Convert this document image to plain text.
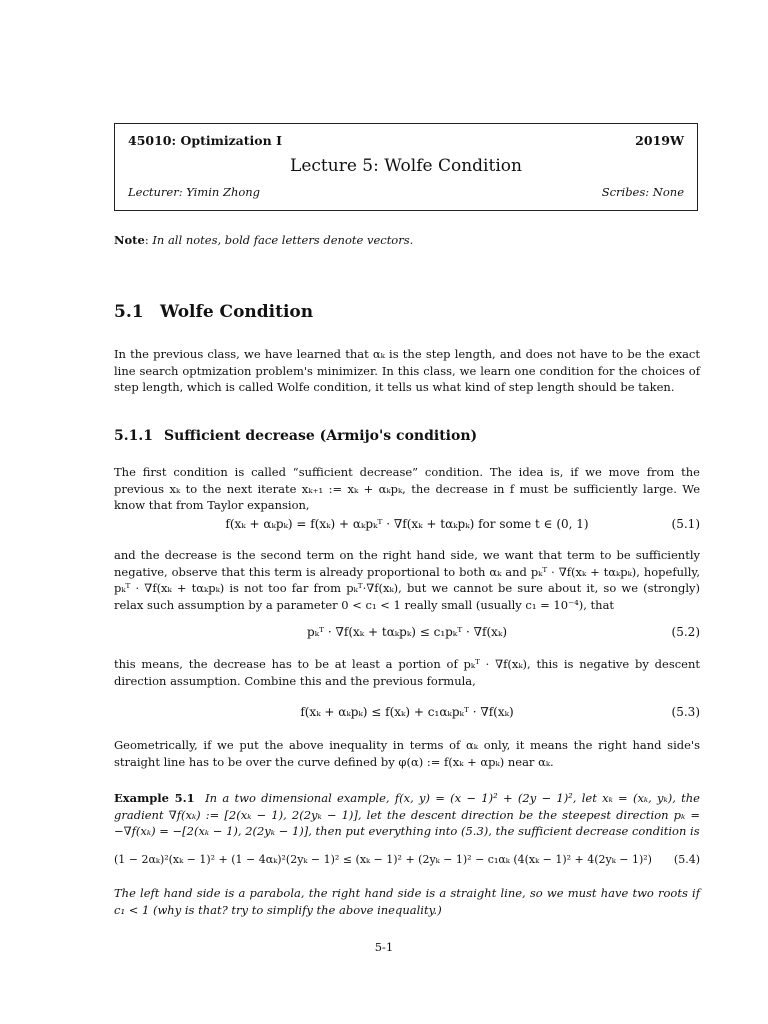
45010: Optimization I	2019W
Lecture 5: Wolfe Condition
Lecturer: Yimin Zhong	Scribes: None
Note: In all notes, bold face letters denote vectors.
5.1 Wolfe Condition
In the previous class, we have learned that αₖ is the step length, and does not have to be the exact line search optmization problem's minimizer. In this class, we learn one condition for the choices of step length, which is called Wolfe condition, it tells us what kind of step length should be taken.
5.1.1 Sufficient decrease (Armijo's condition)
The first condition is called “sufficient decrease” condition. The idea is, if we move from the previous xₖ to the next iterate xₖ₊₁ := xₖ + αₖpₖ, the decrease in f must be sufficiently large. We know that from Taylor expansion,
f(xₖ + αₖpₖ) = f(xₖ) + αₖpₖᵀ · ∇f(xₖ + tαₖpₖ) for some t ∈ (0, 1)	(5.1)
and the decrease is the second term on the right hand side, we want that term to be sufficiently negative, observe that this term is already proportional to both αₖ and pₖᵀ · ∇f(xₖ + tαₖpₖ), hopefully, pₖᵀ · ∇f(xₖ + tαₖpₖ) is not too far from pₖᵀ·∇f(xₖ), but we cannot be sure about it, so we (strongly) relax such assumption by a parameter 0 < c₁ < 1 really small (usually c₁ = 10⁻⁴), that
pₖᵀ · ∇f(xₖ + tαₖpₖ) ≤ c₁pₖᵀ · ∇f(xₖ)	(5.2)
this means, the decrease has to be at least a portion of pₖᵀ · ∇f(xₖ), this is negative by descent direction assumption. Combine this and the previous formula,
f(xₖ + αₖpₖ) ≤ f(xₖ) + c₁αₖpₖᵀ · ∇f(xₖ)	(5.3)
Geometrically, if we put the above inequality in terms of αₖ only, it means the right hand side's straight line has to be over the curve defined by φ(α) := f(xₖ + αpₖ) near αₖ.
Example 5.1 In a two dimensional example, f(x, y) = (x − 1)² + (2y − 1)², let xₖ = (xₖ, yₖ), the gradient ∇f(xₖ) := [2(xₖ − 1), 2(2yₖ − 1)], let the descent direction be the steepest direction pₖ = −∇f(xₖ) = −[2(xₖ − 1), 2(2yₖ − 1)], then put everything into (5.3), the sufficient decrease condition is
(1 − 2αₖ)²(xₖ − 1)² + (1 − 4αₖ)²(2yₖ − 1)² ≤ (xₖ − 1)² + (2yₖ − 1)² − c₁αₖ (4(xₖ − 1)² + 4(2yₖ − 1)²)	(5.4)
The left hand side is a parabola, the right hand side is a straight line, so we must have two roots if c₁ < 1 (why is that? try to simplify the above inequality.)
5-1
